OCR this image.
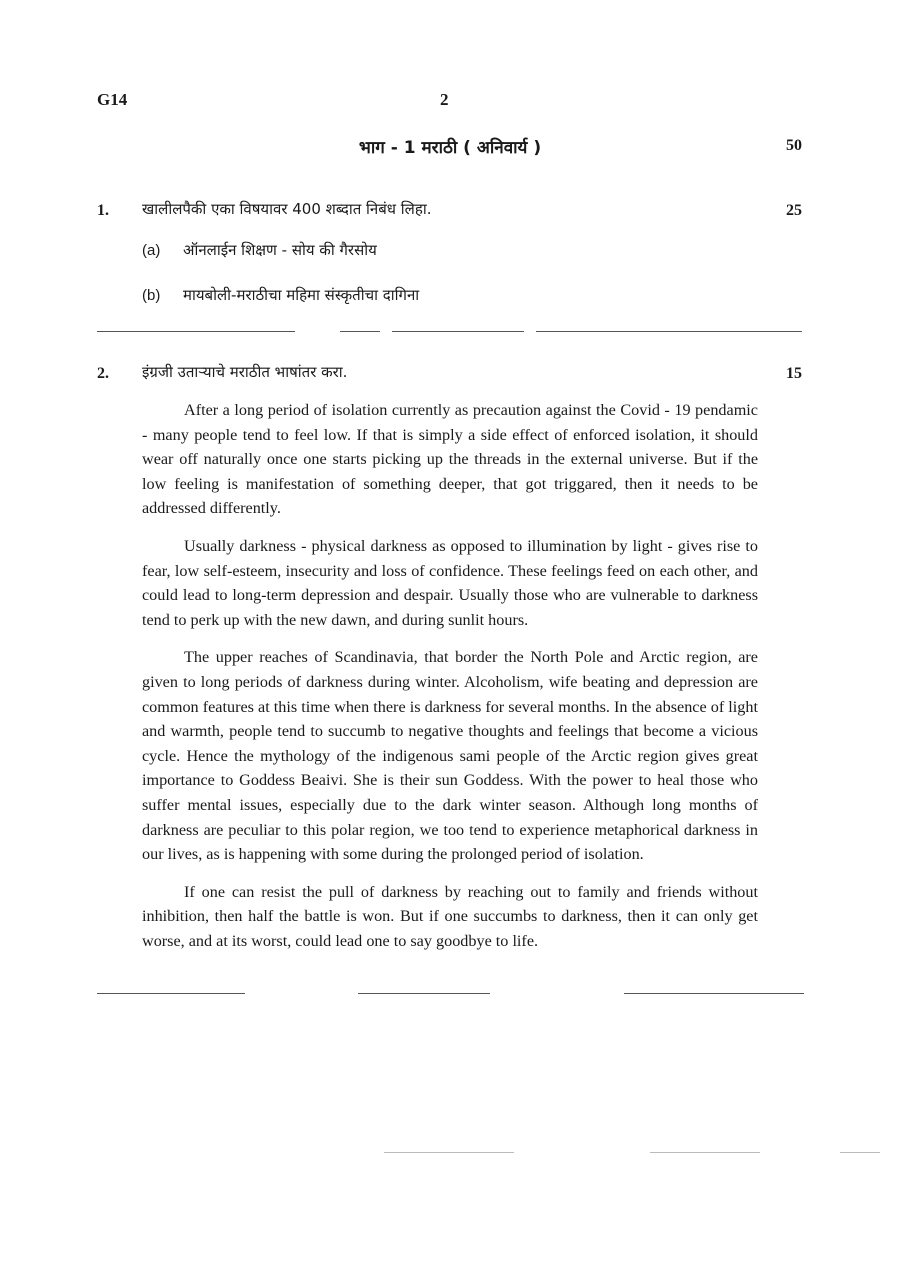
G14	2
भाग - 1 मराठी ( अनिवार्य )	50
1. खालीलपैकी एका विषयावर 400 शब्दात निबंध लिहा.	25
(a) ऑनलाईन शिक्षण - सोय की गैरसोय
(b) मायबोली-मराठीचा महिमा संस्कृतीचा दागिना
2. इंग्रजी उताऱ्याचे मराठीत भाषांतर करा.	15

After a long period of isolation currently as precaution against the Covid - 19 pendamic - many people tend to feel low. If that is simply a side effect of enforced isolation, it should wear off naturally once one starts picking up the threads in the external universe. But if the low feeling is manifestation of something deeper, that got triggared, then it needs to be addressed differently.

Usually darkness - physical darkness as opposed to illumination by light - gives rise to fear, low self-esteem, insecurity and loss of confidence. These feelings feed on each other, and could lead to long-term depression and despair. Usually those who are vulnerable to darkness tend to perk up with the new dawn, and during sunlit hours.

The upper reaches of Scandinavia, that border the North Pole and Arctic region, are given to long periods of darkness during winter. Alcoholism, wife beating and depression are common features at this time when there is darkness for several months. In the absence of light and warmth, people tend to succumb to negative thoughts and feelings that become a vicious cycle. Hence the mythology of the indigenous sami people of the Arctic region gives great importance to Goddess Beaivi. She is their sun Goddess. With the power to heal those who suffer mental issues, especially due to the dark winter season. Although long months of darkness are peculiar to this polar region, we too tend to experience metaphorical darkness in our lives, as is happening with some during the prolonged period of isolation.

If one can resist the pull of darkness by reaching out to family and friends without inhibition, then half the battle is won. But if one succumbs to darkness, then it can only get worse, and at its worst, could lead one to say goodbye to life.
